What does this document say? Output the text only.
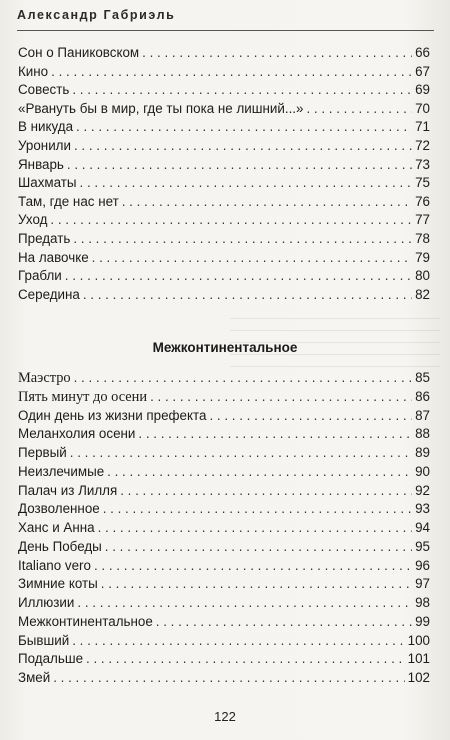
Александр Габриэль
Сон о Паниковском . . .	66
Кино . . .	67
Совесть . . .	69
«Рвануть бы в мир, где ты пока не лишний...» . . .	70
В никуда . . .	71
Уронили . . .	72
Январь . . .	73
Шахматы . . .	75
Там, где нас нет . . .	76
Уход . . .	77
Предать . . .	78
На лавочке . . .	79
Грабли . . .	80
Середина . . .	82
Межконтинентальное
Маэстро . . .	85
Пять минут до осени . . .	86
Один день из жизни префекта . . .	87
Меланхолия осени . . .	88
Первый . . .	89
Неизлечимые . . .	90
Палач из Лилля . . .	92
Дозволенное . . .	93
Ханс и Анна . . .	94
День Победы . . .	95
Italiano vero . . .	96
Зимние коты . . .	97
Иллюзии . . .	98
Межконтинентальное . . .	99
Бывший . . .	100
Подальше . . .	101
Змей . . .	102
122
